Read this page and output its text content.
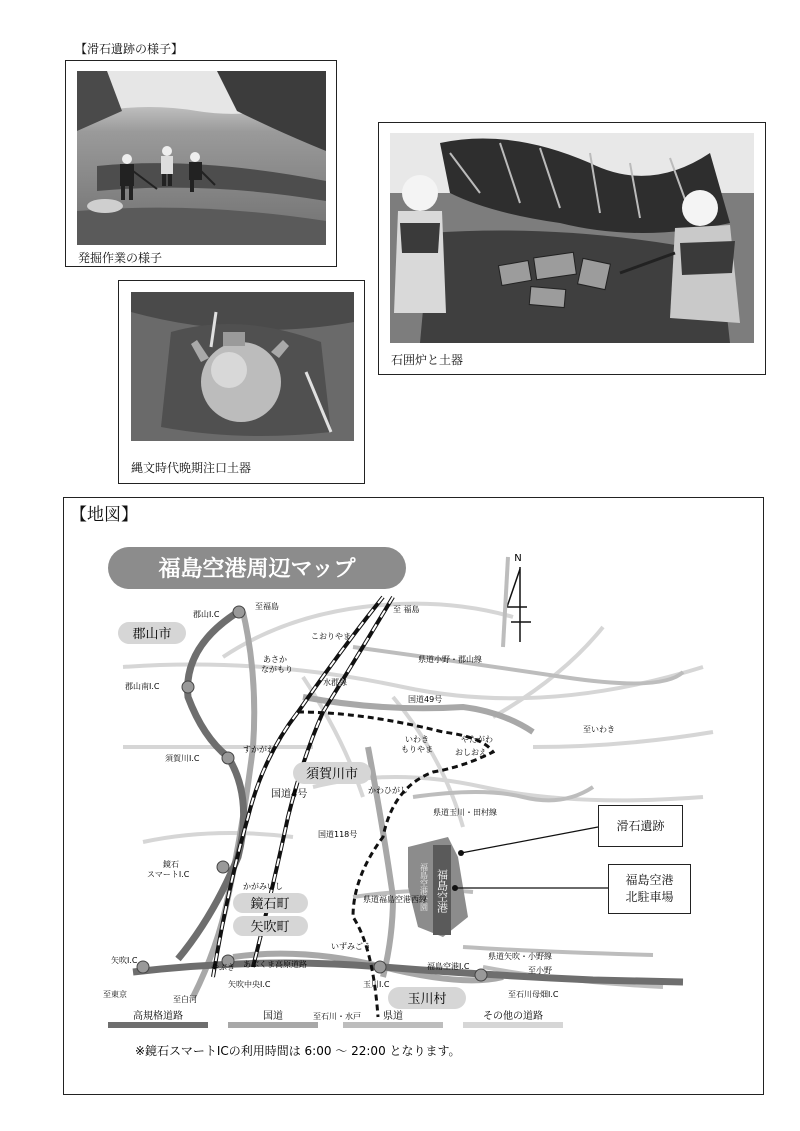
【滑石遺跡の様子】
発掘作業の様子
石囲炉と土器
縄文時代晩期注口土器
【地図】
福島空港周辺マップ	N
福島空港
福島空港公園
郡山市
須賀川市
鏡石町
矢吹町
玉川村
郡山I.C
郡山南I.C
須賀川I.C
鏡石
スマートI.C
矢吹I.C
矢吹中央I.C	玉川I.C
福島空港I.C
至福島	至 福島
県道小野・郡山線
国道49号
至いわき
県道玉川・田村線
県道福島空港西線
県道矢吹・小野線
至小野
至石川母畑I.C
至石川・水戸
至東京
至白河
あぶくま高原道路
国道4号
国道118号
水郡線
こおりやま
あさか
ながもり
すかがわ
いわき
もりやま
やたがわ
おしおえ
かわひがし
かがみいし
いずみごう
やぶき
高規格道路	国道	県道	その他の道路
※鏡石スマートICの利用時間は 6:00 ～ 22:00 となります。
滑石遺跡
福島空港
北駐車場
